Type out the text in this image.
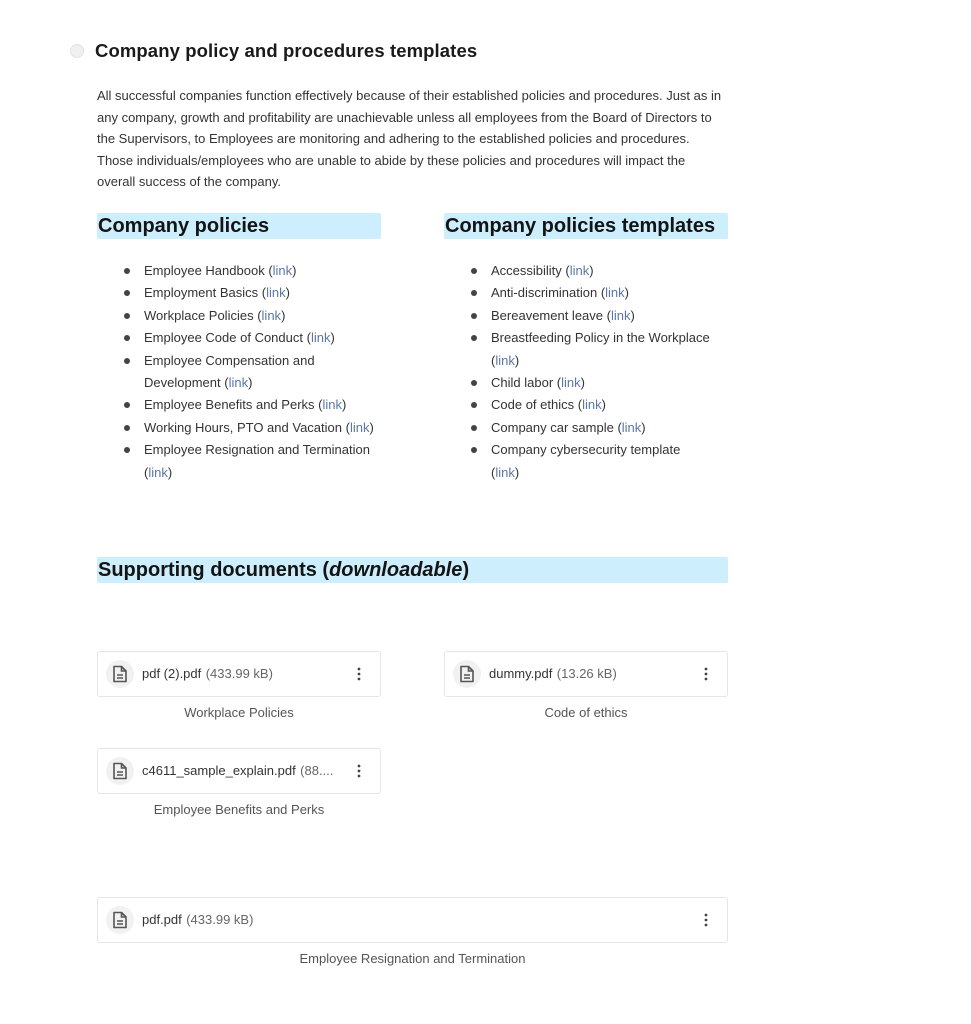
Company policy and procedures templates

All successful companies function effectively because of their established policies and procedures. Just as in any company, growth and profitability are unachievable unless all employees from the Board of Directors to the Supervisors, to Employees are monitoring and adhering to the established policies and procedures. Those individuals/employees who are unable to abide by these policies and procedures will impact the overall success of the company.

Company policies
Employee Handbook (link)
Employment Basics (link)
Workplace Policies (link)
Employee Code of Conduct (link)
Employee Compensation and Development (link)
Employee Benefits and Perks (link)
Working Hours, PTO and Vacation (link)
Employee Resignation and Termination (link)
Company policies templates
Accessibility (link)
Anti-discrimination (link)
Bereavement leave (link)
Breastfeeding Policy in the Workplace (link)
Child labor (link)
Code of ethics (link)
Company car sample (link)
Company cybersecurity template (link)
Supporting documents (downloadable)
pdf (2).pdf (433.99 kB)
Workplace Policies
dummy.pdf (13.26 kB)
Code of ethics
c4611_sample_explain.pdf (88....
Employee Benefits and Perks
pdf.pdf (433.99 kB)
Employee Resignation and Termination
